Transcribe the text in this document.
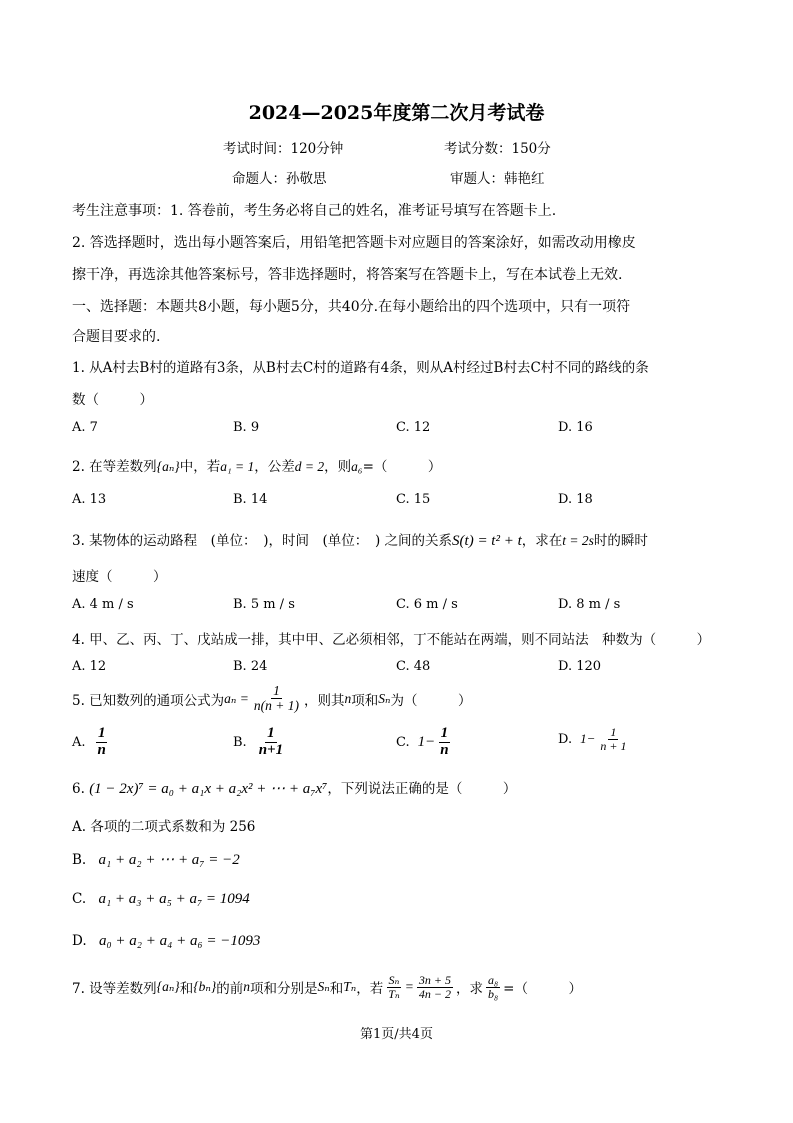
2024—2025年度第二次月考试卷
考试时间：120分钟	考试分数：150分
命题人：孙敬思	审题人：韩艳红
考生注意事项：1. 答卷前，考生务必将自己的姓名，准考证号填写在答题卡上.
2. 答选择题时，选出每小题答案后，用铅笔把答题卡对应题目的答案涂好，如需改动用橡皮
擦干净，再选涂其他答案标号，答非选择题时，将答案写在答题卡上，写在本试卷上无效.
一、选择题：本题共8小题，每小题5分，共40分.在每小题给出的四个选项中，只有一项符
合题目要求的.
1. 从A村去B村的道路有3条，从B村去C村的道路有4条，则从A村经过B村去C村不同的路线的条
数（　　　）
A. 7	B. 9	C. 12	D. 16
2. 在等差数列{aₙ}中，若a₁ = 1，公差d = 2，则a₆=（　　　）
A. 13	B. 14	C. 15	D. 18
3. 某物体的运动路程　(单位：　)，时间　(单位：　) 之间的关系S(t) = t² + t，求在t = 2s时的瞬时
速度（　　　）
A. 4 m / s	B. 5 m / s	C. 6 m / s	D. 8 m / s
4. 甲、乙、丙、丁、戊站成一排，其中甲、乙必须相邻，丁不能站在两端，则不同站法　种数为（　　　）
A. 12	B. 24	C. 48	D. 120
5. 已知数列的通项公式为 $a_n = \frac{1}{n(n + 1)}$ ，则其 n 项和 Sₙ 为（　　　）
A. $\frac{1}{n}$	B. $\frac{1}{n+1}$	C. $1- \frac{1}{n}$	D. $1- \frac{1}{n + 1}$
6. (1 − 2x)⁷ = a₀ + a₁x + a₂x² + ⋯ + a₇x⁷，下列说法正确的是（　　　）
A. 各项的二项式系数和为 256
B. a₁ + a₂ + ⋯ + a₇ = −2
C. a₁ + a₃ + a₅ + a₇ = 1094
D. a₀ + a₂ + a₄ + a₆ = −1093
7. 设等差数列 {aₙ} 和 {bₙ} 的前 n 项和分别是 Sₙ 和 Tₙ ，若 $\frac{\text{Sₙ}}{\text{Tₙ}} = \frac{3n + 5}{4n - 2}$ ，求 $\frac{\text{a₈}}{\text{b₈}}$ =（　　　）
第1页/共4页
